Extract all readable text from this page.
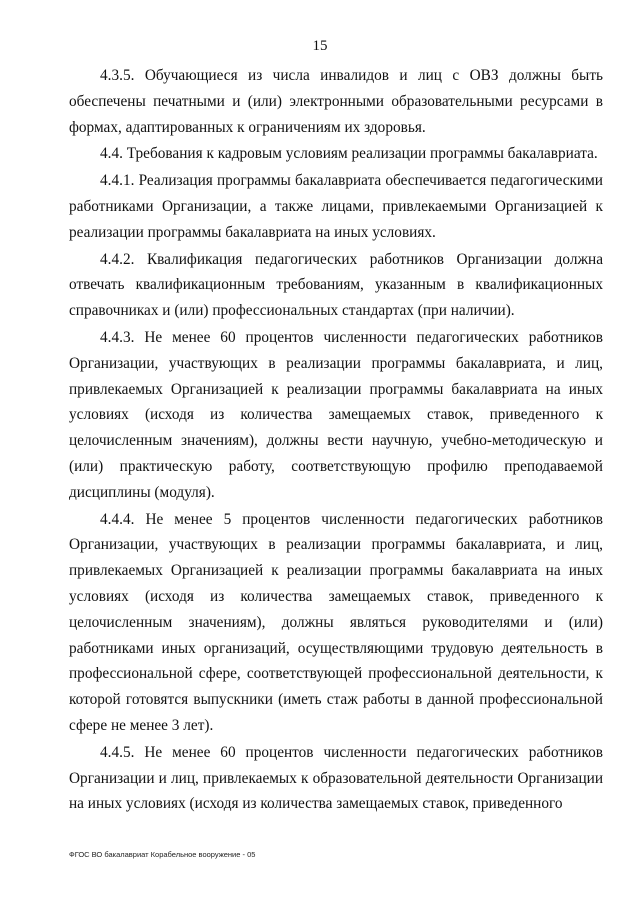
15

4.3.5. Обучающиеся из числа инвалидов и лиц с ОВЗ должны быть обеспечены печатными и (или) электронными образовательными ресурсами в формах, адаптированных к ограничениям их здоровья.

4.4. Требования к кадровым условиям реализации программы бакалавриата.

4.4.1. Реализация программы бакалавриата обеспечивается педагогическими работниками Организации, а также лицами, привлекаемыми Организацией к реализации программы бакалавриата на иных условиях.

4.4.2. Квалификация педагогических работников Организации должна отвечать квалификационным требованиям, указанным в квалификационных справочниках и (или) профессиональных стандартах (при наличии).

4.4.3. Не менее 60 процентов численности педагогических работников Организации, участвующих в реализации программы бакалавриата, и лиц, привлекаемых Организацией к реализации программы бакалавриата на иных условиях (исходя из количества замещаемых ставок, приведенного к целочисленным значениям), должны вести научную, учебно-методическую и (или) практическую работу, соответствующую профилю преподаваемой дисциплины (модуля).

4.4.4. Не менее 5 процентов численности педагогических работников Организации, участвующих в реализации программы бакалавриата, и лиц, привлекаемых Организацией к реализации программы бакалавриата на иных условиях (исходя из количества замещаемых ставок, приведенного к целочисленным значениям), должны являться руководителями и (или) работниками иных организаций, осуществляющими трудовую деятельность в профессиональной сфере, соответствующей профессиональной деятельности, к которой готовятся выпускники (иметь стаж работы в данной профессиональной сфере не менее 3 лет).

4.4.5. Не менее 60 процентов численности педагогических работников Организации и лиц, привлекаемых к образовательной деятельности Организации на иных условиях (исходя из количества замещаемых ставок, приведенного

ФГОС ВО бакалавриат Корабельное вооружение - 05
